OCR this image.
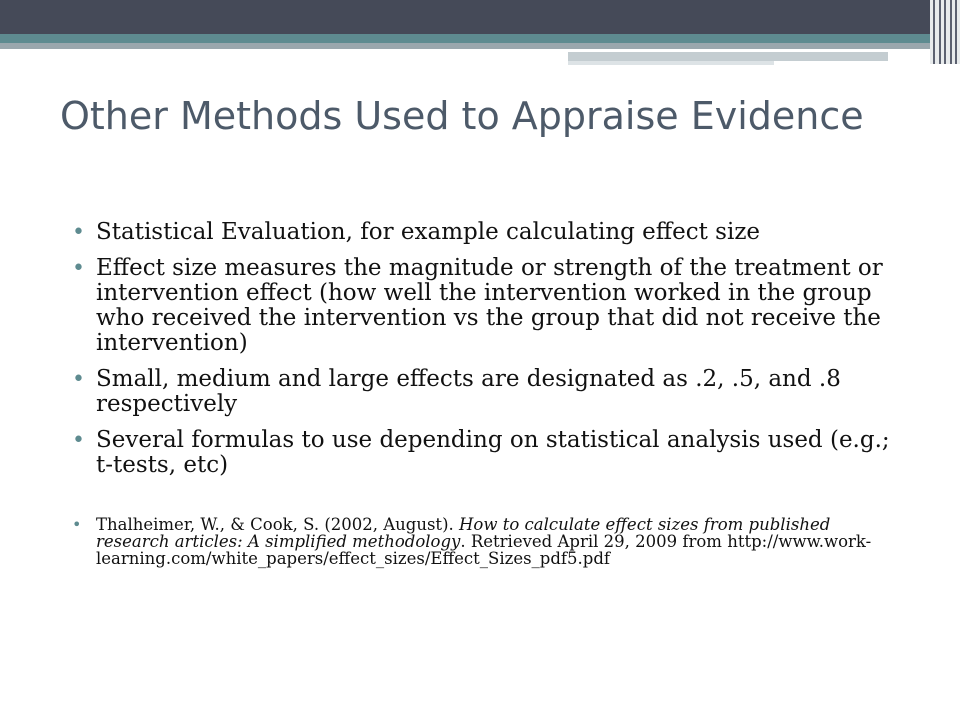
Other Methods Used to Appraise Evidence
• Statistical Evaluation, for example calculating effect size
• Effect size measures the magnitude or strength of the treatment or intervention effect (how well the intervention worked in the group who received the intervention vs the group that did not receive the intervention)
• Small, medium and large effects are designated as .2, .5, and .8 respectively
• Several formulas to use depending on statistical analysis used (e.g.; t-tests, etc)
• Thalheimer, W., & Cook, S. (2002, August). How to calculate effect sizes from published research articles: A simplified methodology. Retrieved April 29, 2009 from http://www.work-learning.com/white_papers/effect_sizes/Effect_Sizes_pdf5.pdf
